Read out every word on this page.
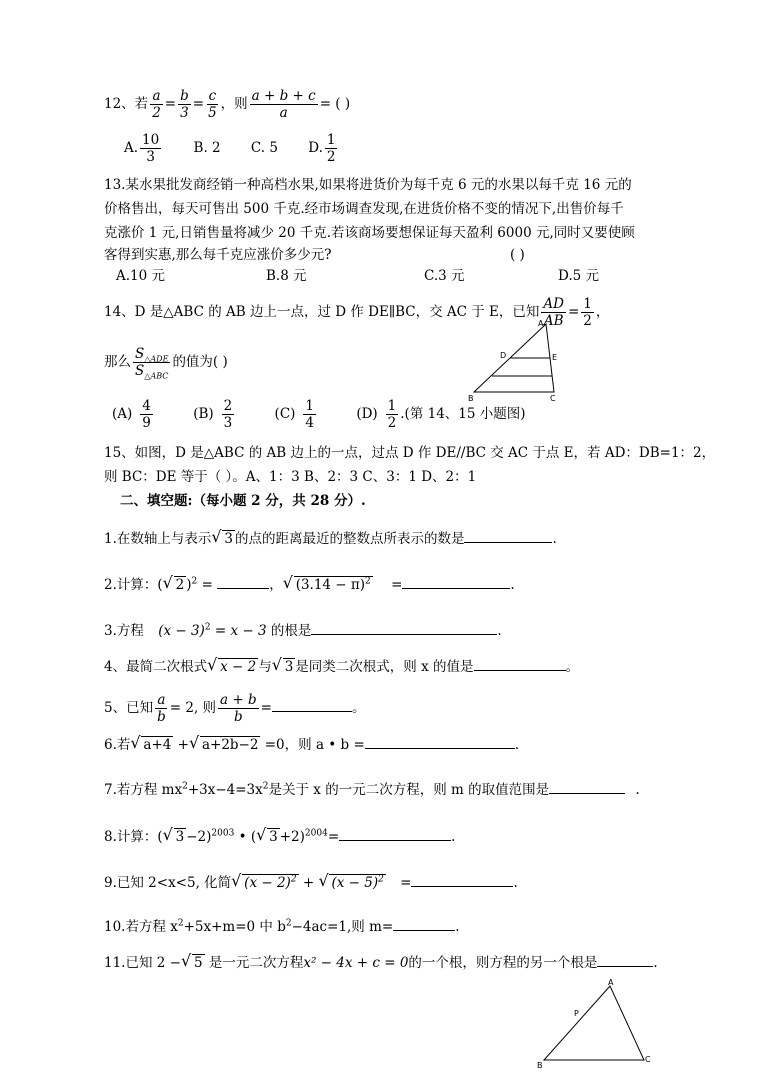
12、若 $\frac{a}{2} = \frac{b}{3} = \frac{c}{5}$ ，则 $\frac{a + b + c}{a}$ = ( )
A. $\frac{10}{3} B$. 2 C. 5 D. $\frac{1}{2}$
13.某水果批发商经销一种高档水果,如果将进货价为每千克 6 元的水果以每千克 16 元的
价格售出，每天可售出 500 千克.经市场调查发现,在进货价格不变的情况下,出售价每千
克涨价 1 元,日销售量将减少 20 千克.若该商场要想保证每天盈利 6000 元,同时又要使顾
客得到实惠,那么每千克应涨价多少元?	( )
A.10 元	B.8 元	C.3 元	D.5 元
14、D 是△ABC 的 AB 边上一点，过 D 作 DE∥BC，交 AC 于 E，已知 $\frac{AD}{AB} = \frac{1}{2}$ ，
那么 $\frac{S_{\triangle ADE}}{S_{\triangle ABC}}$ 的值为( )
A
D	E
B	C
$(A) \frac{4}{9}$	$(B) \frac{2}{3}$	$(C) \frac{1}{4}$	$(D) \frac{1}{2}$ .(第 14、15 小题图)
15、如图，D 是△ABC 的 AB 边上的一点，过点 D 作 DE//BC 交 AC 于点 E，若 AD：DB=1：2，
则 BC：DE 等于（ ）。A、1：3 B、2：3 C、3：1 D、2：1
二、填空题:（每小题 2 分，共 28 分）.
1.在数轴上与表示 √ 3 的点的距离最近的整数点所表示的数是	.
2.计算：( √ 2 )$^2$ =	， √ $(3.14 - \pi)^2$ =	.
3.方程 $(x - 3)^2 = x - 3$ 的根是	.
4、最简二次根式 √ x − 2 与 √ 3 是同类二次根式，则 x 的值是	。
5、已知 $\frac{a}{b} = 2$, 则 $\frac{a + b}{b}$ =	。
6.若 √ a+4 + √ a+2b−2 =0，则 a • b =	.
7.若方程 $mx^2+3x-4=3x^2$是关于 x 的一元二次方程，则 m 的取值范围是	.
8.计算：( √ 3 −2)$^{2003}$ • ( √ 3 +2)$^{2004}$=	.
9.已知 2<x<5, 化简 √ $(x - 2)^2$ + √ $(x - 5)^2$ =	.
10.若方程 $x^2+5x+m=0$ 中 $b^2-4ac=1$,则 m=	.
11.已知 2 − √ 5 是一元二次方程x² − 4x + c = 0的一个根，则方程的另一个根是	.
A
P
B
C
